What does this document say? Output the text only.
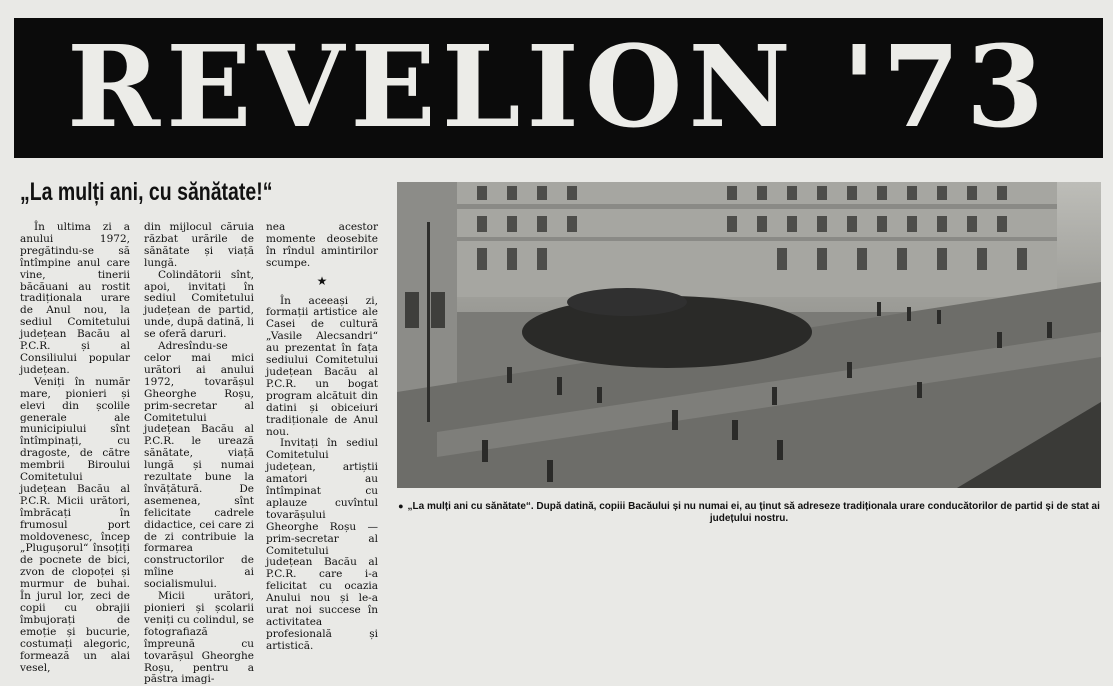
REVELION '73
„La mulți ani, cu sănătate!“

În ultima zi a anului 1972, pregătindu-se să întîmpine anul care vine, tinerii băcăuani au rostit tradiționala urare de Anul nou, la sediul Comitetului județean Bacău al P.C.R. și al Consiliului popular județean.

Veniți în număr mare, pionieri și elevi din școlile generale ale municipiului sînt întîmpinați, cu dragoste, de către membrii Biroului Comitetului județean Bacău al P.C.R. Micii urători, îmbrăcați în frumosul port moldovenesc, încep „Plugușorul“ însoțiți de pocnete de bici, zvon de clopoței și murmur de buhai. În jurul lor, zeci de copii cu obrajii îmbujorați de emoție și bucurie, costumați alegoric, formează un alai vesel,

din mijlocul căruia răzbat urările de sănătate și viață lungă.

Colindătorii sînt, apoi, invitați în sediul Comitetului județean de partid, unde, după datină, li se oferă daruri.

Adresîndu-se celor mai mici urători ai anului 1972, tovarășul Gheorghe Roșu, prim-secretar al Comitetului județean Bacău al P.C.R. le urează sănătate, viață lungă și numai rezultate bune la învățătură. De asemenea, sînt felicitate cadrele didactice, cei care zi de zi contribuie la formarea constructorilor de mîine ai socialismului.

Micii urători, pionieri și școlarii veniți cu colindul, se fotografiază împreună cu tovarășul Gheorghe Roșu, pentru a păstra imagi-

nea acestor momente deosebite în rîndul amintirilor scumpe.

★

În aceeași zi, formații artistice ale Casei de cultură „Vasile Alecsandri“ au prezentat în fața sediului Comitetului județean Bacău al P.C.R. un bogat program alcătuit din datini și obiceiuri tradiționale de Anul nou.

Invitați în sediul Comitetului județean, artiștii amatori au întîmpinat cu aplauze cuvîntul tovarășului Gheorghe Roșu — prim-secretar al Comitetului județean Bacău al P.C.R. care i-a felicitat cu ocazia Anului nou și le-a urat noi succese în activitatea profesională și artistică.

● „La mulți ani cu sănătate“. După datină, copiii Bacăului și nu numai ei, au ținut să adreseze tradiționala urare conducătorilor de partid și de stat ai județului nostru.
